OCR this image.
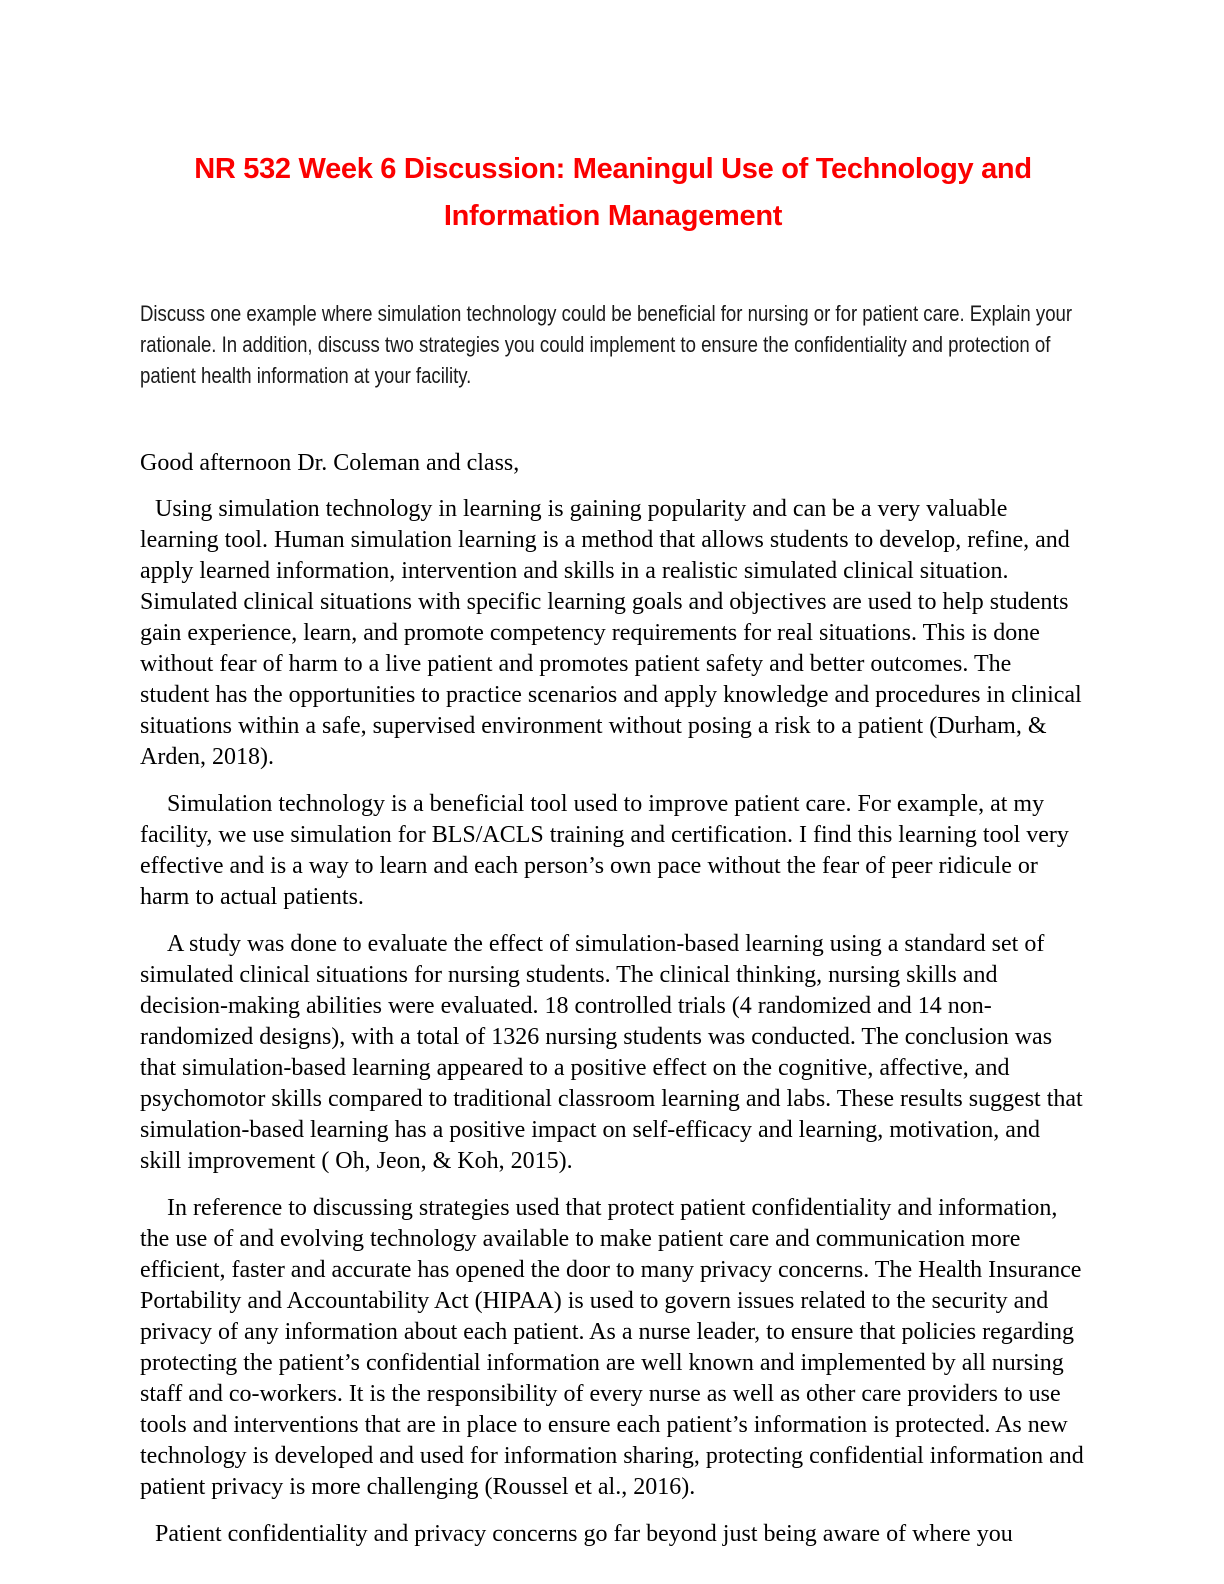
NR 532 Week 6 Discussion: Meaningul Use of Technology and
Information Management

Discuss one example where simulation technology could be beneficial for nursing or for patient care. Explain your rationale. In addition, discuss two strategies you could implement to ensure the confidentiality and protection of patient health information at your facility.

Good afternoon Dr. Coleman and class,

Using simulation technology in learning is gaining popularity and can be a very valuable learning tool. Human simulation learning is a method that allows students to develop, refine, and apply learned information, intervention and skills in a realistic simulated clinical situation. Simulated clinical situations with specific learning goals and objectives are used to help students gain experience, learn, and promote competency requirements for real situations. This is done without fear of harm to a live patient and promotes patient safety and better outcomes. The student has the opportunities to practice scenarios and apply knowledge and procedures in clinical situations within a safe, supervised environment without posing a risk to a patient (Durham, & Arden, 2018).

Simulation technology is a beneficial tool used to improve patient care. For example, at my facility, we use simulation for BLS/ACLS training and certification. I find this learning tool very effective and is a way to learn and each person’s own pace without the fear of peer ridicule or harm to actual patients.

A study was done to evaluate the effect of simulation-based learning using a standard set of simulated clinical situations for nursing students. The clinical thinking, nursing skills and decision-making abilities were evaluated. 18 controlled trials (4 randomized and 14 non-randomized designs), with a total of 1326 nursing students was conducted. The conclusion was that simulation-based learning appeared to a positive effect on the cognitive, affective, and psychomotor skills compared to traditional classroom learning and labs. These results suggest that simulation-based learning has a positive impact on self-efficacy and learning, motivation, and skill improvement ( Oh, Jeon, & Koh, 2015).

In reference to discussing strategies used that protect patient confidentiality and information, the use of and evolving technology available to make patient care and communication more efficient, faster and accurate has opened the door to many privacy concerns. The Health Insurance Portability and Accountability Act (HIPAA) is used to govern issues related to the security and privacy of any information about each patient. As a nurse leader, to ensure that policies regarding protecting the patient’s confidential information are well known and implemented by all nursing staff and co-workers. It is the responsibility of every nurse as well as other care providers to use tools and interventions that are in place to ensure each patient’s information is protected. As new technology is developed and used for information sharing, protecting confidential information and patient privacy is more challenging (Roussel et al., 2016).

Patient confidentiality and privacy concerns go far beyond just being aware of where you
